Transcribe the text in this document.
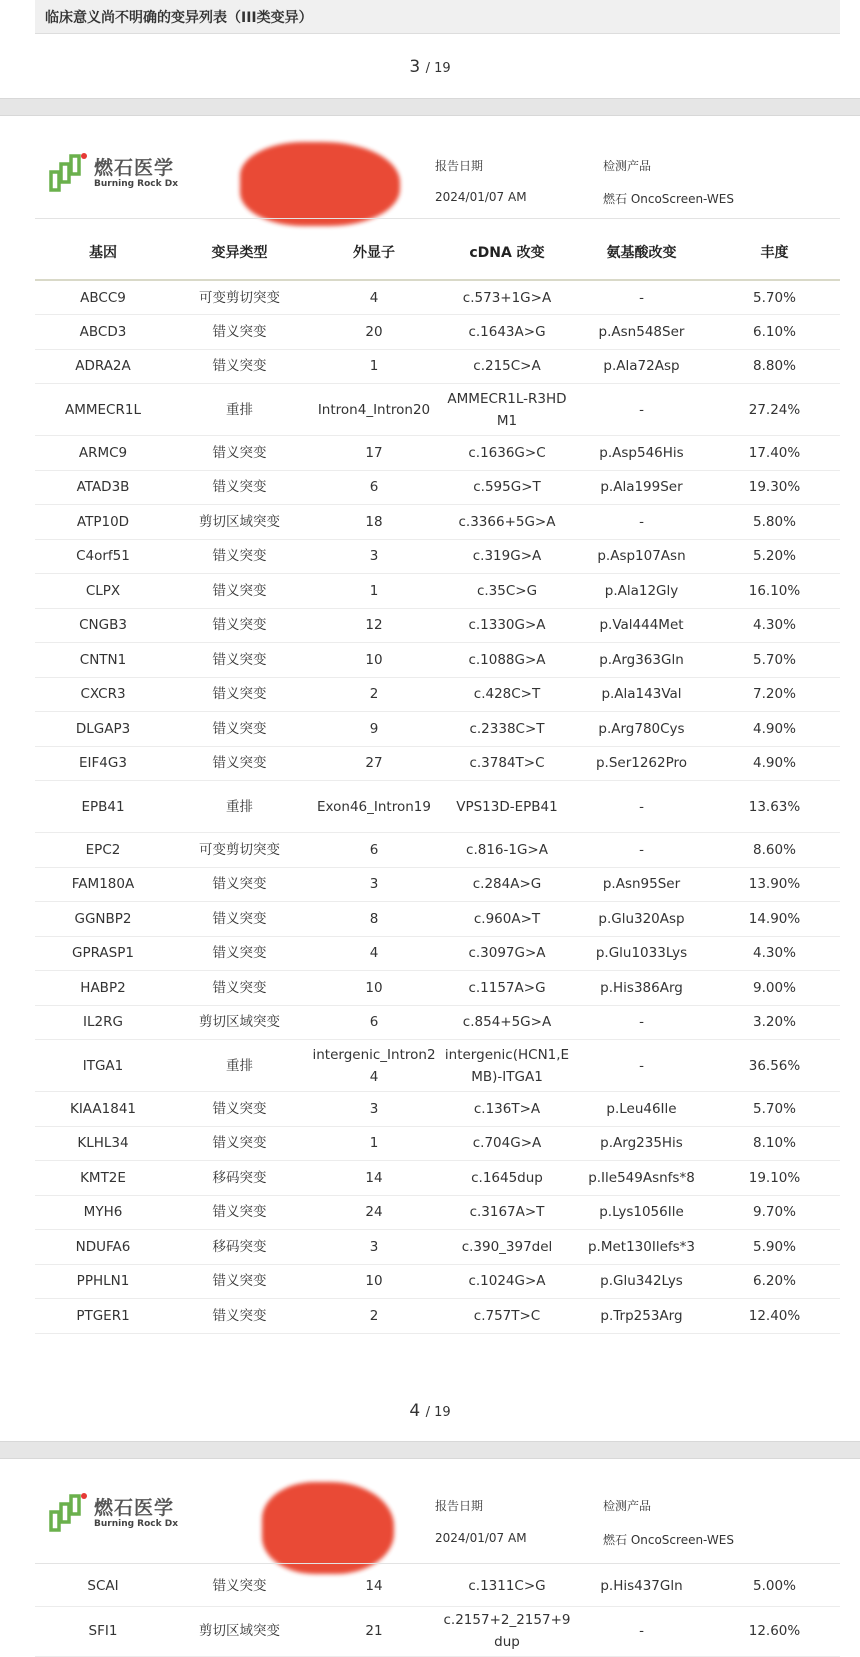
临床意义尚不明确的变异列表（III类变异）
3 / 19
燃石医学
Burning Rock Dx
报告日期
2024/01/07 AM
检测产品
燃石 OncoScreen-WES
基因	变异类型	外显子	cDNA 改变	氨基酸改变	丰度
ABCC9	可变剪切突变	4	c.573+1G>A	-	5.70%
ABCD3	错义突变	20	c.1643A>G	p.Asn548Ser	6.10%
ADRA2A	错义突变	1	c.215C>A	p.Ala72Asp	8.80%
AMMECR1L	重排	Intron4_Intron20	AMMECR1L-R3HDM1	-	27.24%
ARMC9	错义突变	17	c.1636G>C	p.Asp546His	17.40%
ATAD3B	错义突变	6	c.595G>T	p.Ala199Ser	19.30%
ATP10D	剪切区域突变	18	c.3366+5G>A	-	5.80%
C4orf51	错义突变	3	c.319G>A	p.Asp107Asn	5.20%
CLPX	错义突变	1	c.35C>G	p.Ala12Gly	16.10%
CNGB3	错义突变	12	c.1330G>A	p.Val444Met	4.30%
CNTN1	错义突变	10	c.1088G>A	p.Arg363Gln	5.70%
CXCR3	错义突变	2	c.428C>T	p.Ala143Val	7.20%
DLGAP3	错义突变	9	c.2338C>T	p.Arg780Cys	4.90%
EIF4G3	错义突变	27	c.3784T>C	p.Ser1262Pro	4.90%
EPB41	重排	Exon46_Intron19	VPS13D-EPB41	-	13.63%
EPC2	可变剪切突变	6	c.816-1G>A	-	8.60%
FAM180A	错义突变	3	c.284A>G	p.Asn95Ser	13.90%
GGNBP2	错义突变	8	c.960A>T	p.Glu320Asp	14.90%
GPRASP1	错义突变	4	c.3097G>A	p.Glu1033Lys	4.30%
HABP2	错义突变	10	c.1157A>G	p.His386Arg	9.00%
IL2RG	剪切区域突变	6	c.854+5G>A	-	3.20%
ITGA1	重排	intergenic_Intron24	intergenic(HCN1,EMB)-ITGA1	-	36.56%
KIAA1841	错义突变	3	c.136T>A	p.Leu46Ile	5.70%
KLHL34	错义突变	1	c.704G>A	p.Arg235His	8.10%
KMT2E	移码突变	14	c.1645dup	p.Ile549Asnfs*8	19.10%
MYH6	错义突变	24	c.3167A>T	p.Lys1056Ile	9.70%
NDUFA6	移码突变	3	c.390_397del	p.Met130Ilefs*3	5.90%
PPHLN1	错义突变	10	c.1024G>A	p.Glu342Lys	6.20%
PTGER1	错义突变	2	c.757T>C	p.Trp253Arg	12.40%
4 / 19
燃石医学
Burning Rock Dx
报告日期
2024/01/07 AM
检测产品
燃石 OncoScreen-WES
SCAI	错义突变	14	c.1311C>G	p.His437Gln	5.00%
SFI1	剪切区域突变	21	c.2157+2_2157+9dup	-	12.60%
